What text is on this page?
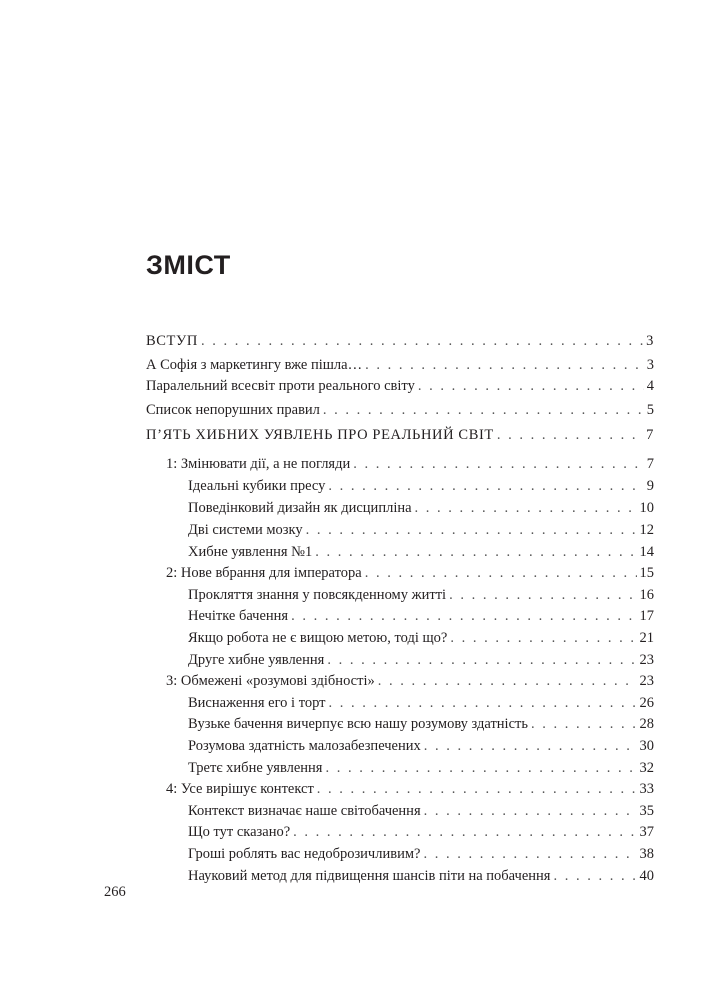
ЗМІСТ
ВСТУП . . .	3
А Софія з маркетингу вже пішла… . . .	3
Паралельний всесвіт проти реального світу . . .	4
Список непорушних правил . . .	5
П’ЯТЬ ХИБНИХ УЯВЛЕНЬ ПРО РЕАЛЬНИЙ СВІТ . . .	7
1: Змінювати дії, а не погляди . . .	7
Ідеальні кубики пресу . . .	9
Поведінковий дизайн як дисципліна . . .	10
Дві системи мозку . . .	12
Хибне уявлення №1 . . .	14
2: Нове вбрання для імператора . . .	15
Прокляття знання у повсякденному житті . . .	16
Нечітке бачення . . .	17
Якщо робота не є вищою метою, тоді що? . . .	21
Друге хибне уявлення . . .	23
3: Обмежені «розумові здібності» . . .	23
Виснаження его і торт . . .	26
Вузьке бачення вичерпує всю нашу розумову здатність . . .	28
Розумова здатність малозабезпечених . . .	30
Третє хибне уявлення . . .	32
4: Усе вирішує контекст . . .	33
Контекст визначає наше світобачення . . .	35
Що тут сказано? . . .	37
Гроші роблять вас недоброзичливим? . . .	38
Науковий метод для підвищення шансів піти на побачення . . .	40
266
